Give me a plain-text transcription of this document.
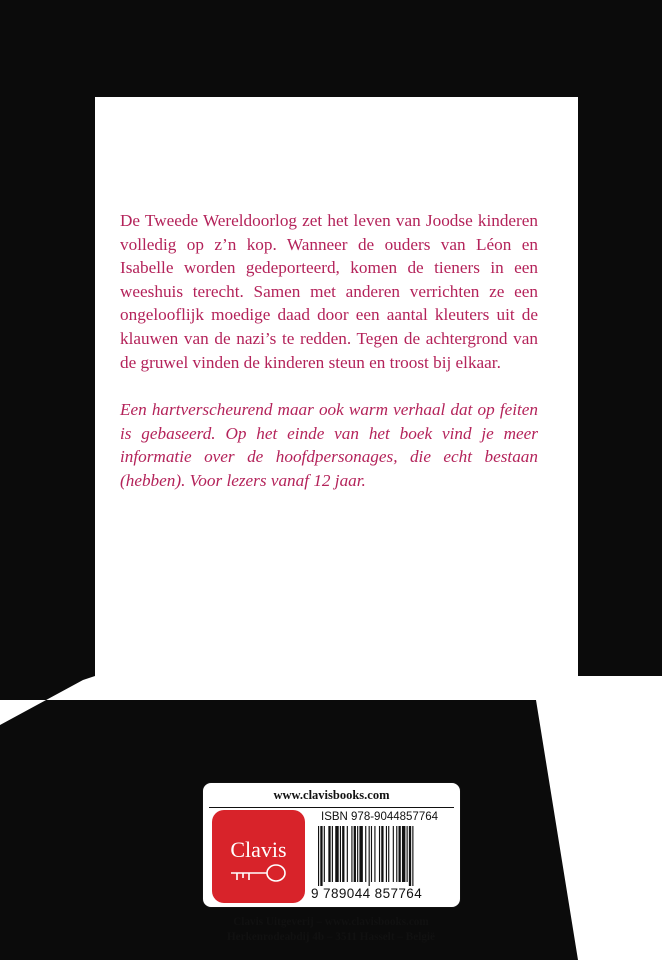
De Tweede Wereldoorlog zet het leven van Joodse kinderen volledig op z’n kop. Wanneer de ouders van Léon en Isabelle worden gedeporteerd, komen de tieners in een weeshuis terecht. Samen met anderen verrichten ze een ongelooflijk moedige daad door een aantal kleuters uit de klauwen van de nazi’s te redden. Tegen de achtergrond van de gruwel vinden de kinderen steun en troost bij elkaar.

Een hartverscheurend maar ook warm verhaal dat op feiten is gebaseerd. Op het einde van het boek vind je meer informatie over de hoofdpersonages, die echt bestaan (hebben). Voor lezers vanaf 12 jaar.

www.clavisbooks.com
Clavis
ISBN 978-9044857764
9 789044 857764
Clavis Uitgeverij – www.clavisbooks.com
Herkenrodeabdij 4b – 3511 Hasselt – België
